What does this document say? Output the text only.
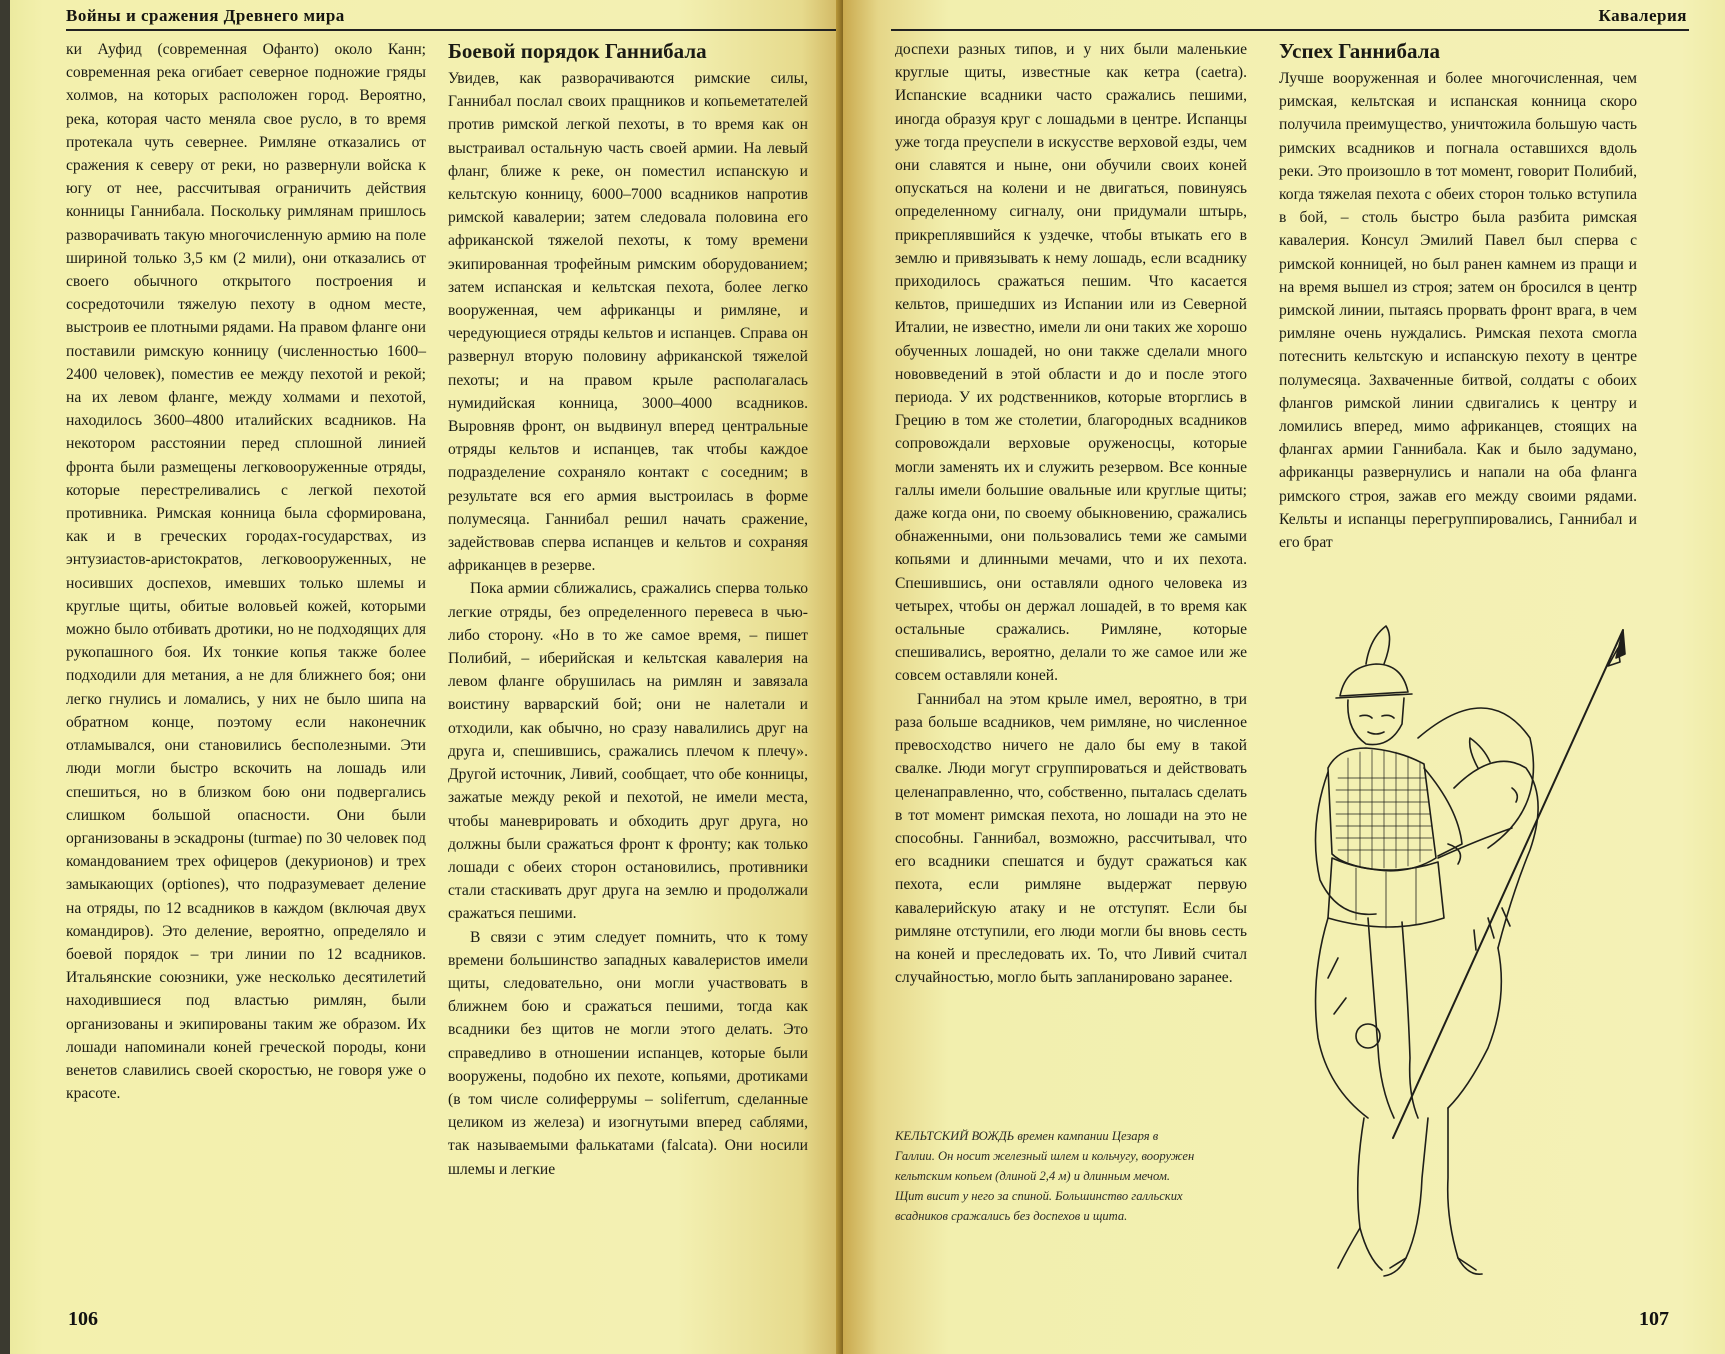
Войны и сражения Древнего мира

ки Ауфид (современная Офанто) около Канн; современная река огибает северное подножие гряды холмов, на которых расположен город. Вероятно, река, которая часто меняла свое русло, в то время протекала чуть севернее. Римляне отказались от сражения к северу от реки, но развернули войска к югу от нее, рассчитывая ограничить действия конницы Ганнибала. Поскольку римлянам пришлось разворачивать такую многочисленную армию на поле шириной только 3,5 км (2 мили), они отказались от своего обычного открытого построения и сосредоточили тяжелую пехоту в одном месте, выстроив ее плотными рядами. На правом фланге они поставили римскую конницу (численностью 1600–2400 человек), поместив ее между пехотой и рекой; на их левом фланге, между холмами и пехотой, находилось 3600–4800 италийских всадников. На некотором расстоянии перед сплошной линией фронта были размещены легковооруженные отряды, которые перестреливались с легкой пехотой противника. Римская конница была сформирована, как и в греческих городах-государствах, из энтузиастов-аристократов, легковооруженных, не носивших доспехов, имевших только шлемы и круглые щиты, обитые воловьей кожей, которыми можно было отбивать дротики, но не подходящих для рукопашного боя. Их тонкие копья также более подходили для метания, а не для ближнего боя; они легко гнулись и ломались, у них не было шипа на обратном конце, поэтому если наконечник отламывался, они становились бесполезными. Эти люди могли быстро вскочить на лошадь или спешиться, но в близком бою они подвергались слишком большой опасности. Они были организованы в эскадроны (turmae) по 30 человек под командованием трех офицеров (декурионов) и трех замыкающих (optiones), что подразумевает деление на отряды, по 12 всадников в каждом (включая двух командиров). Это деление, вероятно, определяло и боевой порядок – три линии по 12 всадников. Итальянские союзники, уже несколько десятилетий находившиеся под властью римлян, были организованы и экипированы таким же образом. Их лошади напоминали коней греческой породы, кони венетов славились своей скоростью, не говоря уже о красоте.

Боевой порядок Ганнибала

Увидев, как разворачиваются римские силы, Ганнибал послал своих пращников и копьеметателей против римской легкой пехоты, в то время как он выстраивал остальную часть своей армии. На левый фланг, ближе к реке, он поместил испанскую и кельтскую конницу, 6000–7000 всадников напротив римской кавалерии; затем следовала половина его африканской тяжелой пехоты, к тому времени экипированная трофейным римским оборудованием; затем испанская и кельтская пехота, более легко вооруженная, чем африканцы и римляне, и чередующиеся отряды кельтов и испанцев. Справа он развернул вторую половину африканской тяжелой пехоты; и на правом крыле располагалась нумидийская конница, 3000–4000 всадников. Выровняв фронт, он выдвинул вперед центральные отряды кельтов и испанцев, так чтобы каждое подразделение сохраняло контакт с соседним; в результате вся его армия выстроилась в форме полумесяца. Ганнибал решил начать сражение, задействовав сперва испанцев и кельтов и сохраняя африканцев в резерве.

Пока армии сближались, сражались сперва только легкие отряды, без определенного перевеса в чью-либо сторону. «Но в то же самое время, – пишет Полибий, – иберийская и кельтская кавалерия на левом фланге обрушилась на римлян и завязала воистину варварский бой; они не налетали и отходили, как обычно, но сразу навалились друг на друга и, спешившись, сражались плечом к плечу». Другой источник, Ливий, сообщает, что обе конницы, зажатые между рекой и пехотой, не имели места, чтобы маневрировать и обходить друг друга, но должны были сражаться фронт к фронту; как только лошади с обеих сторон остановились, противники стали стаскивать друг друга на землю и продолжали сражаться пешими.

В связи с этим следует помнить, что к тому времени большинство западных кавалеристов имели щиты, следовательно, они могли участвовать в ближнем бою и сражаться пешими, тогда как всадники без щитов не могли этого делать. Это справедливо в отношении испанцев, которые были вооружены, подобно их пехоте, копьями, дротиками (в том числе солиферрумы – soliferrum, сделанные целиком из железа) и изогнутыми вперед саблями, так называемыми фалькатами (falcata). Они носили шлемы и легкие

106
Кавалерия

доспехи разных типов, и у них были маленькие круглые щиты, известные как кетра (caetra). Испанские всадники часто сражались пешими, иногда образуя круг с лошадьми в центре. Испанцы уже тогда преуспели в искусстве верховой езды, чем они славятся и ныне, они обучили своих коней опускаться на колени и не двигаться, повинуясь определенному сигналу, они придумали штырь, прикреплявшийся к уздечке, чтобы втыкать его в землю и привязывать к нему лошадь, если всаднику приходилось сражаться пешим. Что касается кельтов, пришедших из Испании или из Северной Италии, не известно, имели ли они таких же хорошо обученных лошадей, но они также сделали много нововведений в этой области и до и после этого периода. У их родственников, которые вторглись в Грецию в том же столетии, благородных всадников сопровождали верховые оруженосцы, которые могли заменять их и служить резервом. Все конные галлы имели большие овальные или круглые щиты; даже когда они, по своему обыкновению, сражались обнаженными, они пользовались теми же самыми копьями и длинными мечами, что и их пехота. Спешившись, они оставляли одного человека из четырех, чтобы он держал лошадей, в то время как остальные сражались. Римляне, которые спешивались, вероятно, делали то же самое или же совсем оставляли коней.

Ганнибал на этом крыле имел, вероятно, в три раза больше всадников, чем римляне, но численное превосходство ничего не дало бы ему в такой свалке. Люди могут сгруппироваться и действовать целенаправленно, что, собственно, пыталась сделать в тот момент римская пехота, но лошади на это не способны. Ганнибал, возможно, рассчитывал, что его всадники спешатся и будут сражаться как пехота, если римляне выдержат первую кавалерийскую атаку и не отступят. Если бы римляне отступили, его люди могли бы вновь сесть на коней и преследовать их. То, что Ливий считал случайностью, могло быть запланировано заранее.

КЕЛЬТСКИЙ ВОЖДЬ времен кампании Цезаря в Галлии. Он носит железный шлем и кольчугу, вооружен кельтским копьем (длиной 2,4 м) и длинным мечом. Щит висит у него за спиной. Большинство галльских всадников сражались без доспехов и щита.
Успех Ганнибала

Лучше вооруженная и более многочисленная, чем римская, кельтская и испанская конница скоро получила преимущество, уничтожила большую часть римских всадников и погнала оставшихся вдоль реки. Это произошло в тот момент, говорит Полибий, когда тяжелая пехота с обеих сторон только вступила в бой, – столь быстро была разбита римская кавалерия. Консул Эмилий Павел был сперва с римской конницей, но был ранен камнем из пращи и на время вышел из строя; затем он бросился в центр римской линии, пытаясь прорвать фронт врага, в чем римляне очень нуждались. Римская пехота смогла потеснить кельтскую и испанскую пехоту в центре полумесяца. Захваченные битвой, солдаты с обоих флангов римской линии сдвигались к центру и ломились вперед, мимо африканцев, стоящих на флангах армии Ганнибала. Как и было задумано, африканцы развернулись и напали на оба фланга римского строя, зажав его между своими рядами. Кельты и испанцы перегруппировались, Ганнибал и его брат

107
